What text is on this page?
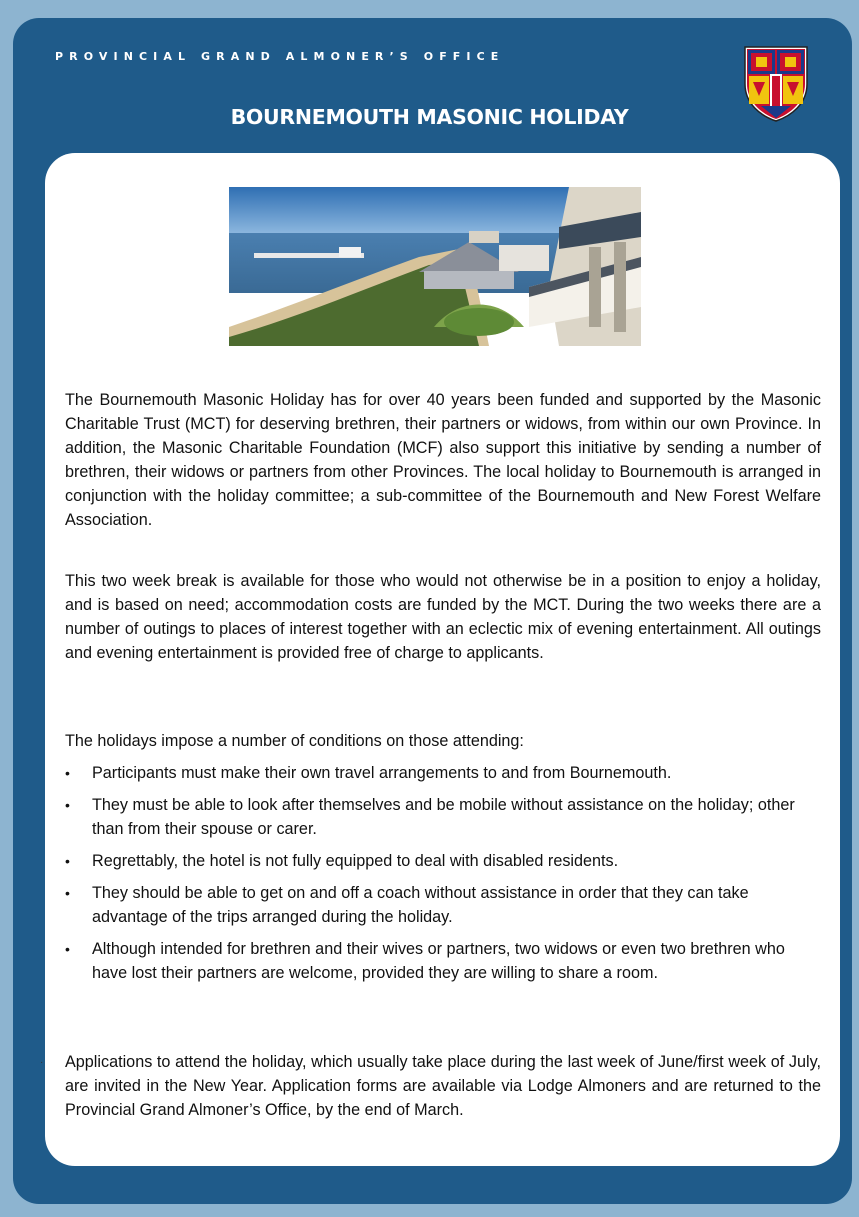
PROVINCIAL GRAND ALMONER’S OFFICE
BOURNEMOUTH MASONIC HOLIDAY
The Bournemouth Masonic Holiday has for over 40 years been funded and supported by the Masonic Charitable Trust (MCT) for deserving brethren, their partners or widows, from within our own Province. In addition, the Masonic Charitable Foundation (MCF) also support this initiative by sending a number of brethren, their widows or partners from other Provinces. The local holiday to Bournemouth is arranged in conjunction with the holiday committee; a sub-committee of the Bournemouth and New Forest Welfare Association.
This two week break is available for those who would not otherwise be in a position to enjoy a holiday, and is based on need; accommodation costs are funded by the MCT. During the two weeks there are a number of outings to places of interest together with an eclectic mix of evening entertainment. All outings and evening entertainment is provided free of charge to applicants.
The holidays impose a number of conditions on those attending:
• Participants must make their own travel arrangements to and from Bournemouth.
• They must be able to look after themselves and be mobile without assistance on the holiday; other than from their spouse or carer.
• Regrettably, the hotel is not fully equipped to deal with disabled residents.
• They should be able to get on and off a coach without assistance in order that they can take advantage of the trips arranged during the holiday.
• Although intended for brethren and their wives or partners, two widows or even two brethren who have lost their partners are welcome, provided they are willing to share a room.
· Applications to attend the holiday, which usually take place during the last week of June/first week of July, are invited in the New Year. Application forms are available via Lodge Almoners and are returned to the Provincial Grand Almoner’s Office, by the end of March.
